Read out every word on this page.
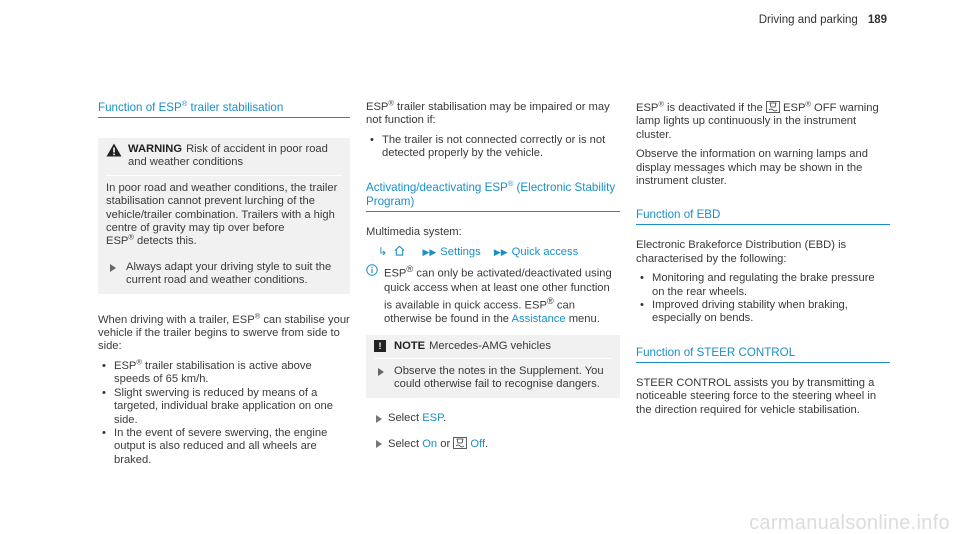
Driving and parking 189
Function of ESP® trailer stabilisation
WARNING Risk of accident in poor road and weather conditions

In poor road and weather conditions, the trailer stabilisation cannot prevent lurching of the vehicle/trailer combination. Trailers with a high centre of gravity may tip over before
ESP® detects this.

Always adapt your driving style to suit the current road and weather conditions.

When driving with a trailer, ESP® can stabilise your vehicle if the trailer begins to swerve from side to side:

• ESP® trailer stabilisation is active above speeds of 65 km/h.
• Slight swerving is reduced by means of a targeted, individual brake application on one side.
• In the event of severe swerving, the engine output is also reduced and all wheels are braked.

ESP® trailer stabilisation may be impaired or may not function if:

• The trailer is not connected correctly or is not detected properly by the vehicle.
Activating/deactivating ESP® (Electronic Stability Program)

Multimedia system:

↳	▶▶ Settings ▶▶ Quick access
ESP® can only be activated/deactivated using quick access when at least one other function is available in quick access. ESP® can otherwise be found in the Assistance menu.
!	NOTE Mercedes-AMG vehicles
Observe the notes in the Supplement. You could otherwise fail to recognise dangers.
Select ESP.
Select On or  Off.

ESP® is deactivated if the  ESP® OFF warning lamp lights up continuously in the instrument cluster.

Observe the information on warning lamps and display messages which may be shown in the instrument cluster.

Function of EBD

Electronic Brakeforce Distribution (EBD) is characterised by the following:

• Monitoring and regulating the brake pressure on the rear wheels.
• Improved driving stability when braking, especially on bends.
Function of STEER CONTROL

STEER CONTROL assists you by transmitting a noticeable steering force to the steering wheel in the direction required for vehicle stabilisation.

carmanualsonline.info
